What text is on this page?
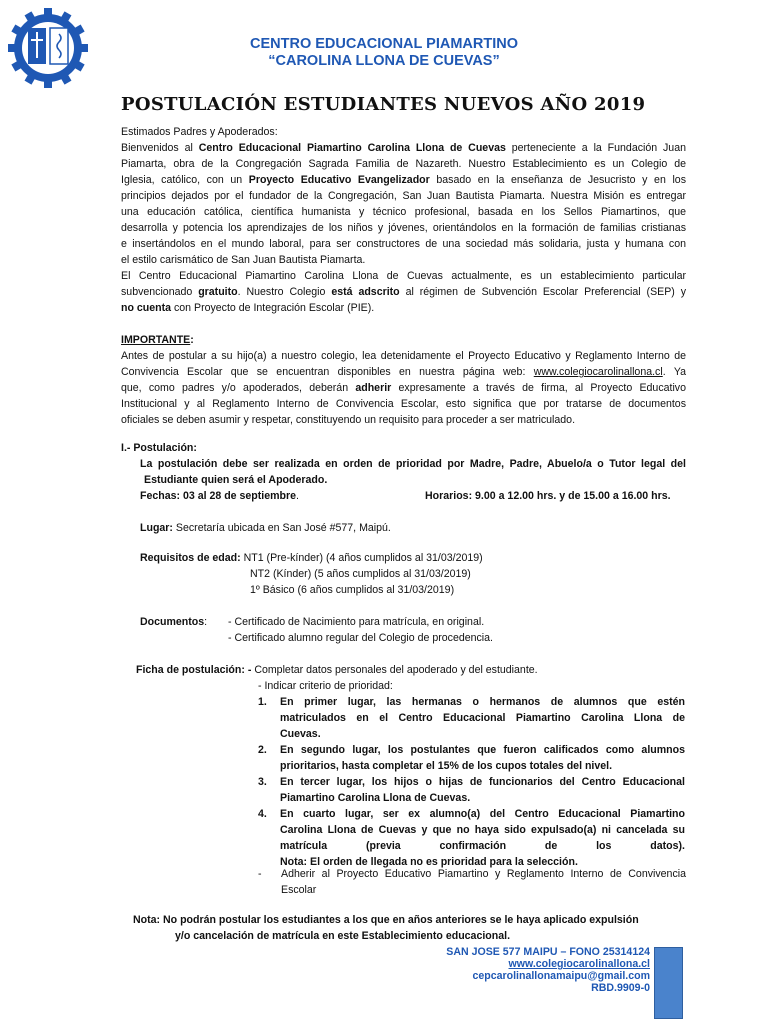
CENTRO EDUCACIONAL PIAMARTINO
“CAROLINA LLONA DE CUEVAS”
POSTULACIÓN ESTUDIANTES NUEVOS AÑO 2019
Estimados Padres y Apoderados:
Bienvenidos al Centro Educacional Piamartino Carolina Llona de Cuevas perteneciente a la Fundación Juan
Piamarta, obra de la Congregación Sagrada Familia de Nazareth. Nuestro Establecimiento es un Colegio de
Iglesia, católico, con un Proyecto Educativo Evangelizador basado en la enseñanza de Jesucristo y en los
principios dejados por el fundador de la Congregación, San Juan Bautista Piamarta. Nuestra Misión es entregar
una educación católica, científica humanista y técnico profesional, basada en los Sellos Piamartinos, que
desarrolla y potencia los aprendizajes de los niños y jóvenes, orientándolos en la formación de familias cristianas
e insertándolos en el mundo laboral, para ser constructores de una sociedad más solidaria, justa y humana con
el estilo carismático de San Juan Bautista Piamarta.
El Centro Educacional Piamartino Carolina Llona de Cuevas actualmente, es un establecimiento particular
subvencionado gratuito. Nuestro Colegio está adscrito al régimen de Subvención Escolar Preferencial (SEP) y
no cuenta con Proyecto de Integración Escolar (PIE).
IMPORTANTE:
Antes de postular a su hijo(a) a nuestro colegio, lea detenidamente el Proyecto Educativo y Reglamento Interno de
Convivencia Escolar que se encuentran disponibles en nuestra página web: www.colegiocarolinallona.cl. Ya
que, como padres y/o apoderados, deberán adherir expresamente a través de firma, al Proyecto Educativo
Institucional y al Reglamento Interno de Convivencia Escolar, esto significa que por tratarse de documentos
oficiales se deben asumir y respetar, constituyendo un requisito para proceder a ser matriculado.
I.- Postulación:
La postulación debe ser realizada en orden de prioridad por Madre, Padre, Abuelo/a o Tutor legal del
Estudiante quien será el Apoderado.
Fechas: 03 al 28 de septiembre.	Horarios: 9.00 a 12.00 hrs. y de 15.00 a 16.00 hrs.
Lugar: Secretaría ubicada en San José #577, Maipú.
Requisitos de edad: NT1 (Pre-kínder) (4 años cumplidos al 31/03/2019)
NT2 (Kínder) (5 años cumplidos al 31/03/2019)
1º Básico (6 años cumplidos al 31/03/2019)
Documentos: - Certificado de Nacimiento para matrícula, en original.
- Certificado alumno regular del Colegio de procedencia.
Ficha de postulación: - Completar datos personales del apoderado y del estudiante.
- Indicar criterio de prioridad:
1. En primer lugar, las hermanas o hermanos de alumnos que estén
matriculados en el Centro Educacional Piamartino Carolina Llona de
Cuevas.
2. En segundo lugar, los postulantes que fueron calificados como alumnos
prioritarios, hasta completar el 15% de los cupos totales del nivel.
3. En tercer lugar, los hijos o hijas de funcionarios del Centro Educacional
Piamartino Carolina Llona de Cuevas.
4. En cuarto lugar, ser ex alumno(a) del Centro Educacional Piamartino
Carolina Llona de Cuevas y que no haya sido expulsado(a) ni cancelada su
matrícula (previa confirmación de los datos).
Nota: El orden de llegada no es prioridad para la selección.
- Adherir al Proyecto Educativo Piamartino y Reglamento Interno de Convivencia
Escolar
Nota: No podrán postular los estudiantes a los que en años anteriores se le haya aplicado expulsión
y/o cancelación de matrícula en este Establecimiento educacional.
SAN JOSE 577 MAIPU – FONO 25314124
www.colegiocarolinallona.cl
cepcarolinallonamaipu@gmail.com
RBD.9909-0
